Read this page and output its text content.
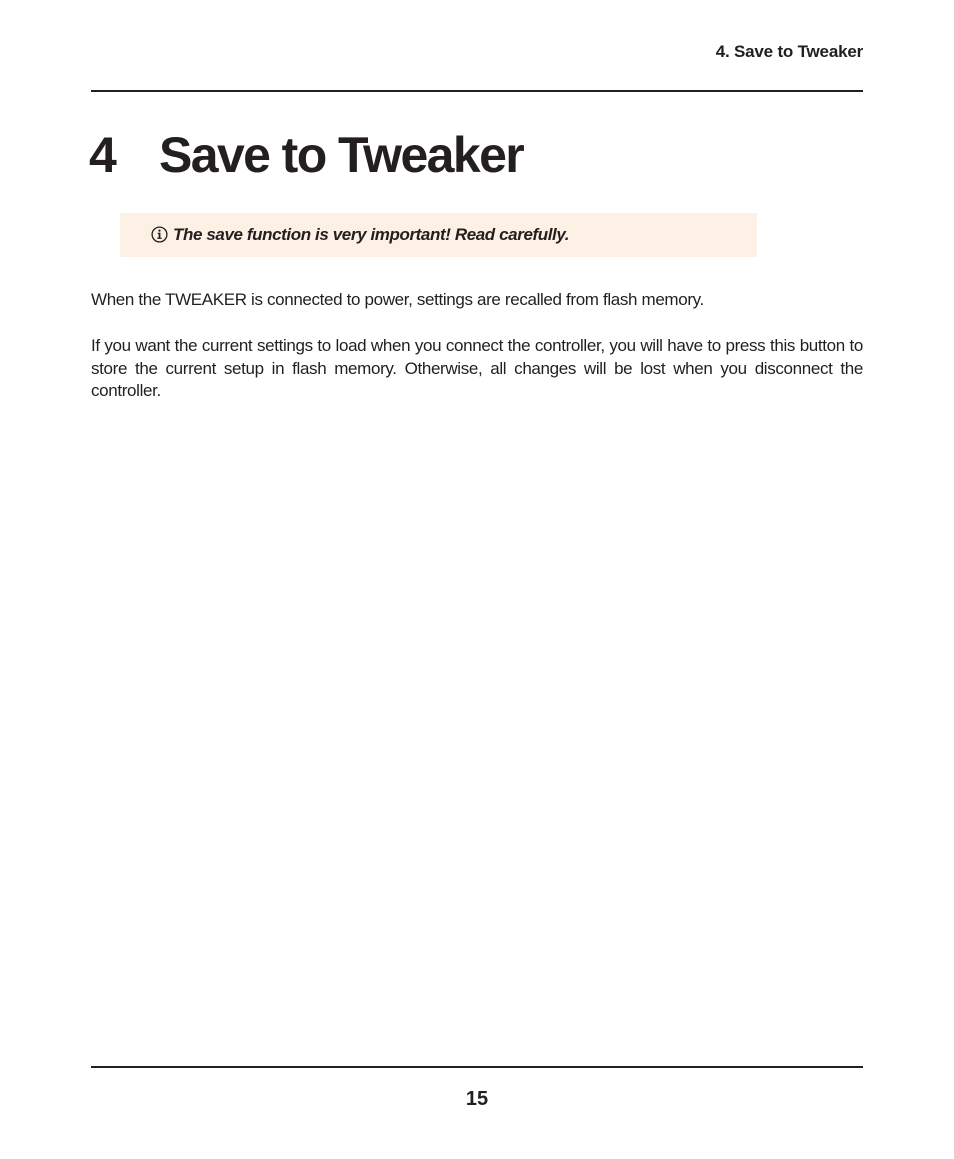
4. Save to Tweaker
4 Save to Tweaker
The save function is very important! Read carefully.

When the TWEAKER is connected to power, settings are recalled from flash memory.

If you want the current settings to load when you connect the controller, you will have to press this button to store the current setup in flash memory. Otherwise, all changes will be lost when you disconnect the controller.

15
